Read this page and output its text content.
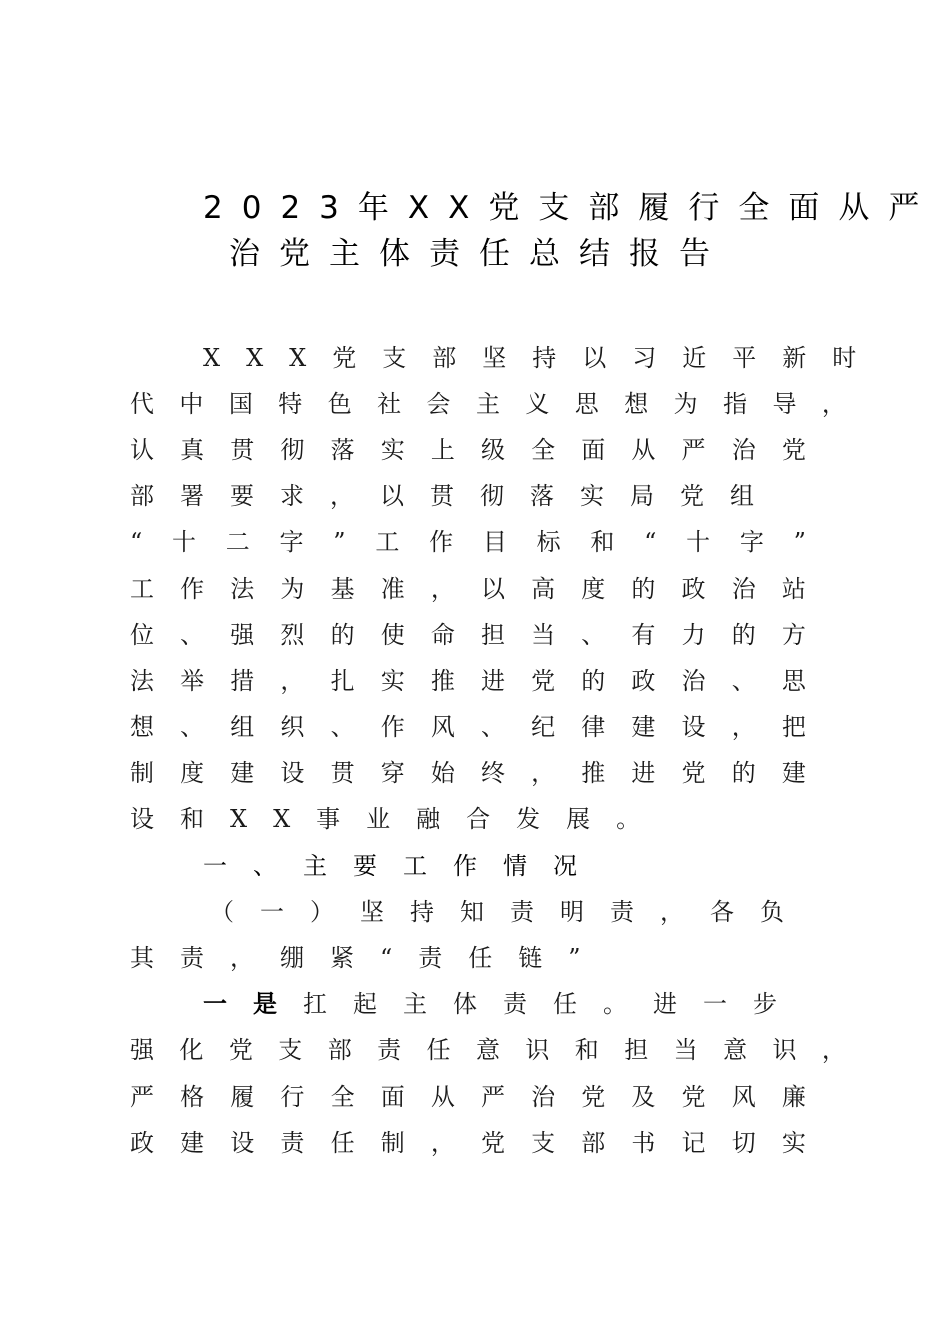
2023年XX党支部履行全面从严
治党主体责任总结报告
XXX党支部坚持以习近平新时
代 中 国 特 色 社 会 主 义 思 想 为 指 导 ，
认 真 贯 彻 落 实 上 级 全 面 从 严 治 党
部署要求，以贯彻落实局党组
“ 十 二 字 ” 工 作 目 标 和 “ 十 字 ”
工 作 法 为 基 准 ， 以 高 度 的 政 治 站
位 、 强 烈 的 使 命 担 当 、 有 力 的 方
法 举 措 ， 扎 实 推 进 党 的 政 治 、 思
想 、 组 织 、 作 风 、 纪 律 建 设 ， 把
制 度 建 设 贯 穿 始 终 ， 推 进 党 的 建
设和XX事业融合发展。
一、主要工作情况
（一）坚持知责明责，各负
其责，绷紧“责任链”
一是扛起主体责任。进一步
强 化 党 支 部 责 任 意 识 和 担 当 意 识 ，
严 格 履 行 全 面 从 严 治 党 及 党 风 廉
政 建 设 责 任 制 ， 党 支 部 书 记 切 实
